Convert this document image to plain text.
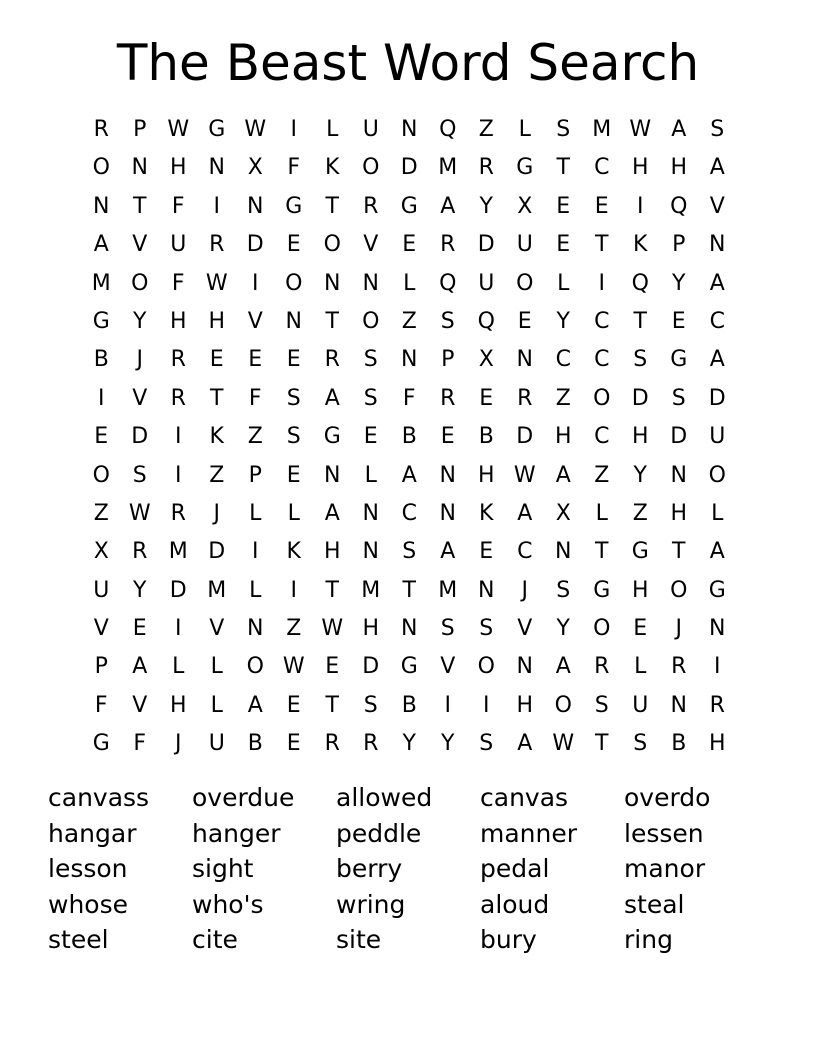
The Beast Word Search
R	P W G W	I	L	U	N Q	Z	L	S	M W A	S
O N H	N	X	F	K	O D M R	G	T	C	H H	A
N	T	F	I	N G	T	R	G	A	Y	X	E	E	I	Q	V
A	V	U	R	D	E	O	V	E	R	D U	E	T	K	P	N
M O	F W	I	O N	N	L	Q U O	L	I	Q	Y	A
G	Y	H H	V	N	T	O	Z	S	Q	E	Y	C	T	E	C
B	J	R	E	E	E	R	S	N	P	X	N	C	C	S	G	A
I	V	R	T	F	S	A	S	F	R	E	R	Z	O D	S	D
E	D	I	K	Z	S	G	E	B	E	B	D H	C	H D U
O	S	I	Z	P	E	N	L	A	N H W A	Z	Y	N O
Z W R	J	L	L	A	N	C	N	K	A	X	L	Z	H	L
X	R M D	I	K	H	N	S	A	E	C	N	T	G	T	A
U	Y	D M	L	I	T	M	T	M N	J	S	G H O G
V	E	I	V	N	Z W H	N	S	S	V	Y	O	E	J	N
P	A	L	L	O W E	D G	V	O N	A	R	L	R	I
F	V	H	L	A	E	T	S	B	I	I	H O	S	U	N	R
G	F	J	U	B	E	R	R	Y	Y	S	A W T	S	B	H
canvass	overdue	allowed	canvas	overdo
hangar	hanger	peddle	manner	lessen
lesson	sight	berry	pedal	manor
whose	who's	wring	aloud	steal
steel	cite	site	bury	ring
